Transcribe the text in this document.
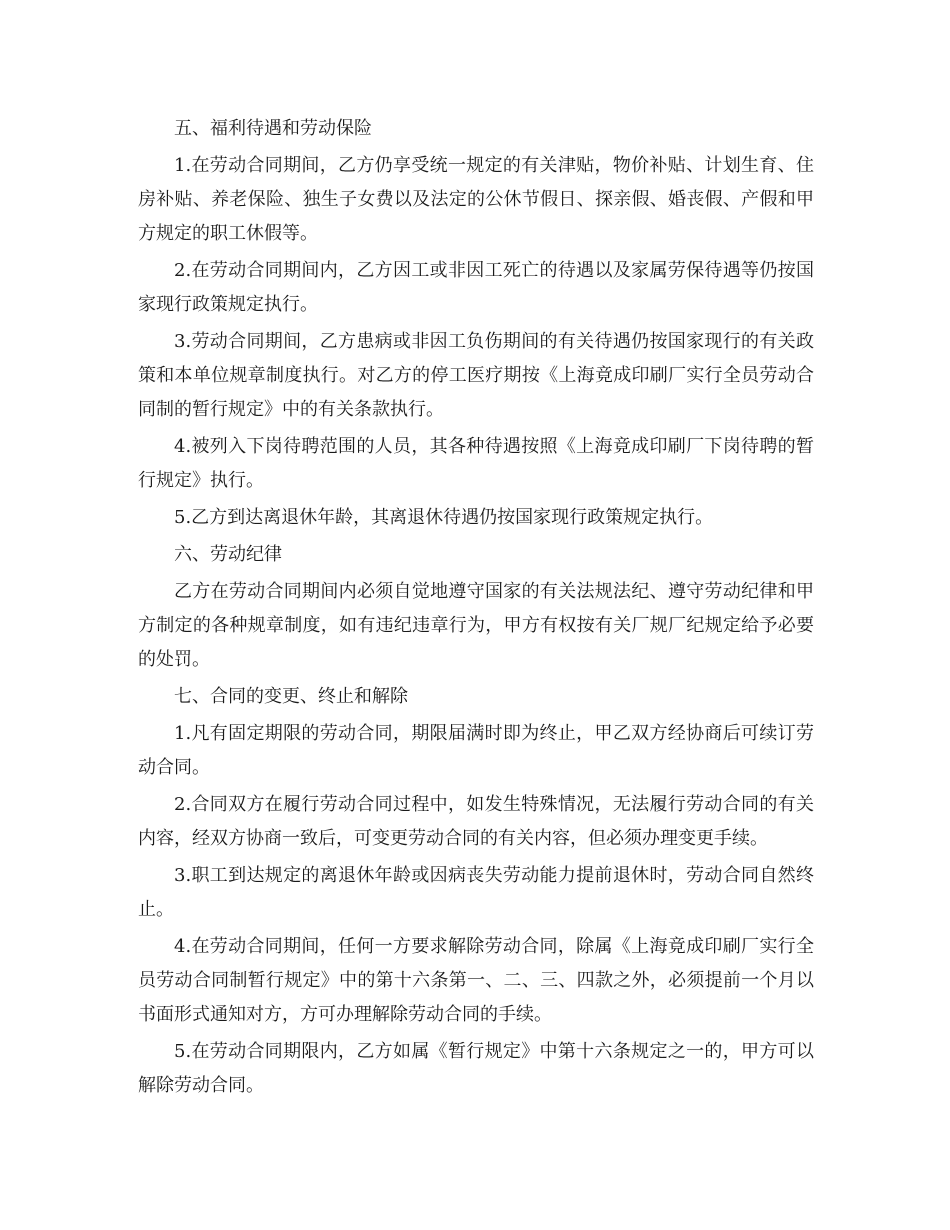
五、福利待遇和劳动保险

1.在劳动合同期间，乙方仍享受统一规定的有关津贴，物价补贴、计划生育、住房补贴、养老保险、独生子女费以及法定的公休节假日、探亲假、婚丧假、产假和甲方规定的职工休假等。

2.在劳动合同期间内，乙方因工或非因工死亡的待遇以及家属劳保待遇等仍按国家现行政策规定执行。

3.劳动合同期间，乙方患病或非因工负伤期间的有关待遇仍按国家现行的有关政策和本单位规章制度执行。对乙方的停工医疗期按《上海竟成印刷厂实行全员劳动合同制的暂行规定》中的有关条款执行。

4.被列入下岗待聘范围的人员，其各种待遇按照《上海竟成印刷厂下岗待聘的暂行规定》执行。

5.乙方到达离退休年龄，其离退休待遇仍按国家现行政策规定执行。

六、劳动纪律

乙方在劳动合同期间内必须自觉地遵守国家的有关法规法纪、遵守劳动纪律和甲方制定的各种规章制度，如有违纪违章行为，甲方有权按有关厂规厂纪规定给予必要的处罚。

七、合同的变更、终止和解除

1.凡有固定期限的劳动合同，期限届满时即为终止，甲乙双方经协商后可续订劳动合同。

2.合同双方在履行劳动合同过程中，如发生特殊情况，无法履行劳动合同的有关内容，经双方协商一致后，可变更劳动合同的有关内容，但必须办理变更手续。

3.职工到达规定的离退休年龄或因病丧失劳动能力提前退休时，劳动合同自然终止。

4.在劳动合同期间，任何一方要求解除劳动合同，除属《上海竟成印刷厂实行全员劳动合同制暂行规定》中的第十六条第一、二、三、四款之外，必须提前一个月以书面形式通知对方，方可办理解除劳动合同的手续。

5.在劳动合同期限内，乙方如属《暂行规定》中第十六条规定之一的，甲方可以解除劳动合同。
